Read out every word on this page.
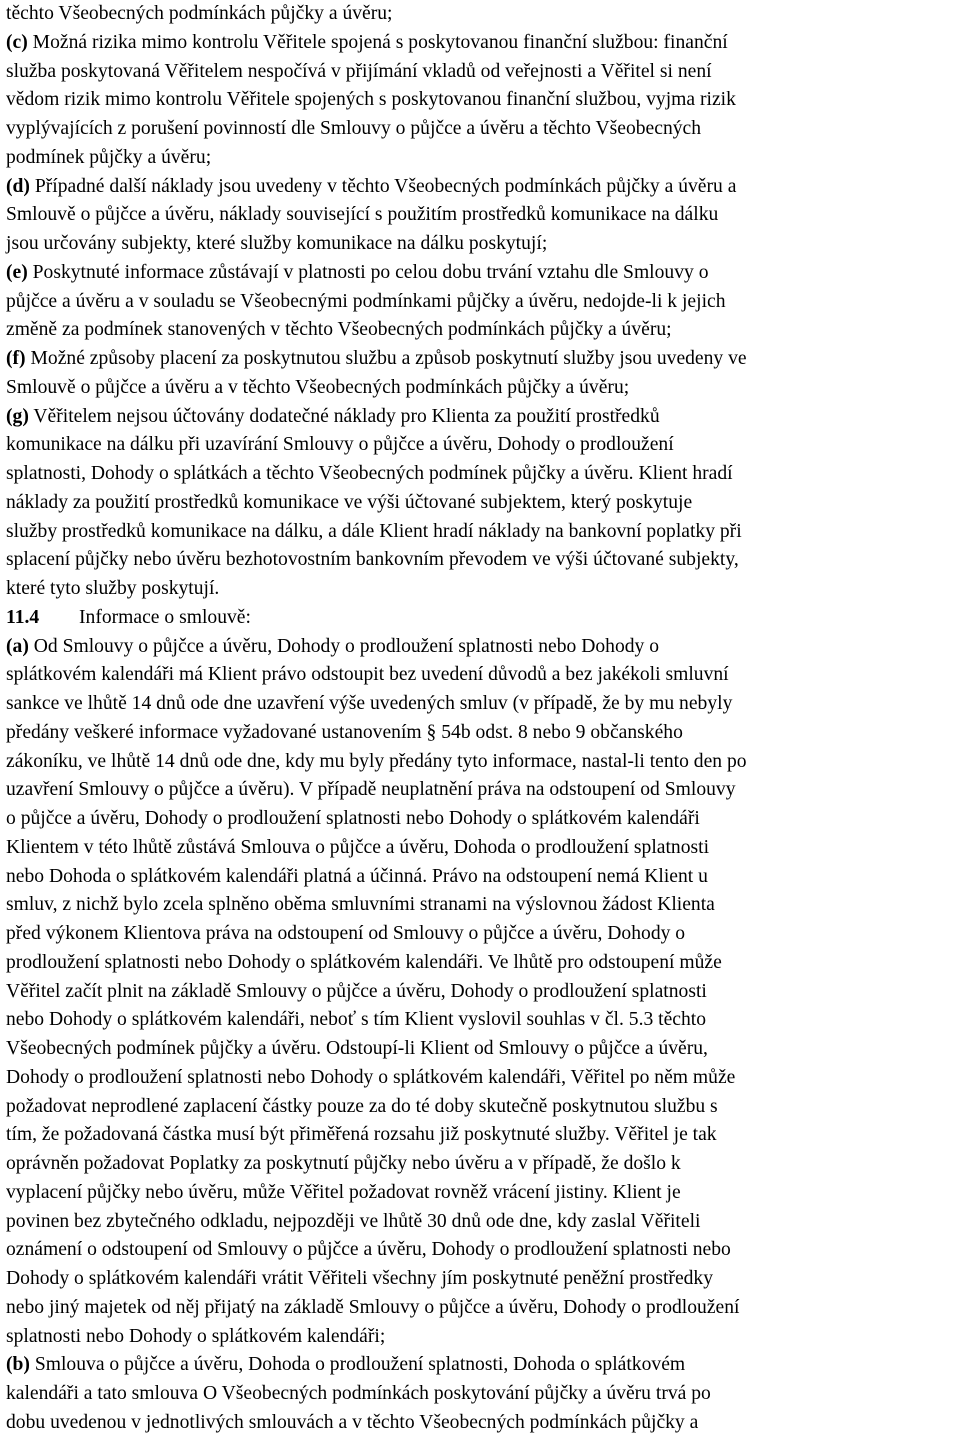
těchto Všeobecných podmínkách půjčky a úvěru;
(c) Možná rizika mimo kontrolu Věřitele spojená s poskytovanou finanční službou: finanční
služba poskytovaná Věřitelem nespočívá v přijímání vkladů od veřejnosti a Věřitel si není
vědom rizik mimo kontrolu Věřitele spojených s poskytovanou finanční službou, vyjma rizik
vyplývajících z porušení povinností dle Smlouvy o půjčce a úvěru a těchto Všeobecných
podmínek půjčky a úvěru;
(d) Případné další náklady jsou uvedeny v těchto Všeobecných podmínkách půjčky a úvěru a
Smlouvě o půjčce a úvěru, náklady související s použitím prostředků komunikace na dálku
jsou určovány subjekty, které služby komunikace na dálku poskytují;
(e) Poskytnuté informace zůstávají v platnosti po celou dobu trvání vztahu dle Smlouvy o
půjčce a úvěru a v souladu se Všeobecnými podmínkami půjčky a úvěru, nedojde-li k jejich
změně za podmínek stanovených v těchto Všeobecných podmínkách půjčky a úvěru;
(f) Možné způsoby placení za poskytnutou službu a způsob poskytnutí služby jsou uvedeny ve
Smlouvě o půjčce a úvěru a v těchto Všeobecných podmínkách půjčky a úvěru;
(g) Věřitelem nejsou účtovány dodatečné náklady pro Klienta za použití prostředků
komunikace na dálku při uzavírání Smlouvy o půjčce a úvěru, Dohody o prodloužení
splatnosti, Dohody o splátkách a těchto Všeobecných podmínek půjčky a úvěru. Klient hradí
náklady za použití prostředků komunikace ve výši účtované subjektem, který poskytuje
služby prostředků komunikace na dálku, a dále Klient hradí náklady na bankovní poplatky při
splacení půjčky nebo úvěru bezhotovostním bankovním převodem ve výši účtované subjekty,
které tyto služby poskytují.
11.4 Informace o smlouvě:
(a) Od Smlouvy o půjčce a úvěru, Dohody o prodloužení splatnosti nebo Dohody o
splátkovém kalendáři má Klient právo odstoupit bez uvedení důvodů a bez jakékoli smluvní
sankce ve lhůtě 14 dnů ode dne uzavření výše uvedených smluv (v případě, že by mu nebyly
předány veškeré informace vyžadované ustanovením § 54b odst. 8 nebo 9 občanského
zákoníku, ve lhůtě 14 dnů ode dne, kdy mu byly předány tyto informace, nastal-li tento den po
uzavření Smlouvy o půjčce a úvěru). V případě neuplatnění práva na odstoupení od Smlouvy
o půjčce a úvěru, Dohody o prodloužení splatnosti nebo Dohody o splátkovém kalendáři
Klientem v této lhůtě zůstává Smlouva o půjčce a úvěru, Dohoda o prodloužení splatnosti
nebo Dohoda o splátkovém kalendáři platná a účinná. Právo na odstoupení nemá Klient u
smluv, z nichž bylo zcela splněno oběma smluvními stranami na výslovnou žádost Klienta
před výkonem Klientova práva na odstoupení od Smlouvy o půjčce a úvěru, Dohody o
prodloužení splatnosti nebo Dohody o splátkovém kalendáři. Ve lhůtě pro odstoupení může
Věřitel začít plnit na základě Smlouvy o půjčce a úvěru, Dohody o prodloužení splatnosti
nebo Dohody o splátkovém kalendáři, neboť s tím Klient vyslovil souhlas v čl. 5.3 těchto
Všeobecných podmínek půjčky a úvěru. Odstoupí-li Klient od Smlouvy o půjčce a úvěru,
Dohody o prodloužení splatnosti nebo Dohody o splátkovém kalendáři, Věřitel po něm může
požadovat neprodlené zaplacení částky pouze za do té doby skutečně poskytnutou službu s
tím, že požadovaná částka musí být přiměřená rozsahu již poskytnuté služby. Věřitel je tak
oprávněn požadovat Poplatky za poskytnutí půjčky nebo úvěru a v případě, že došlo k
vyplacení půjčky nebo úvěru, může Věřitel požadovat rovněž vrácení jistiny. Klient je
povinen bez zbytečného odkladu, nejpozději ve lhůtě 30 dnů ode dne, kdy zaslal Věřiteli
oznámení o odstoupení od Smlouvy o půjčce a úvěru, Dohody o prodloužení splatnosti nebo
Dohody o splátkovém kalendáři vrátit Věřiteli všechny jím poskytnuté peněžní prostředky
nebo jiný majetek od něj přijatý na základě Smlouvy o půjčce a úvěru, Dohody o prodloužení
splatnosti nebo Dohody o splátkovém kalendáři;
(b) Smlouva o půjčce a úvěru, Dohoda o prodloužení splatnosti, Dohoda o splátkovém
kalendáři a tato smlouva O Všeobecných podmínkách poskytování půjčky a úvěru trvá po
dobu uvedenou v jednotlivých smlouvách a v těchto Všeobecných podmínkách půjčky a
